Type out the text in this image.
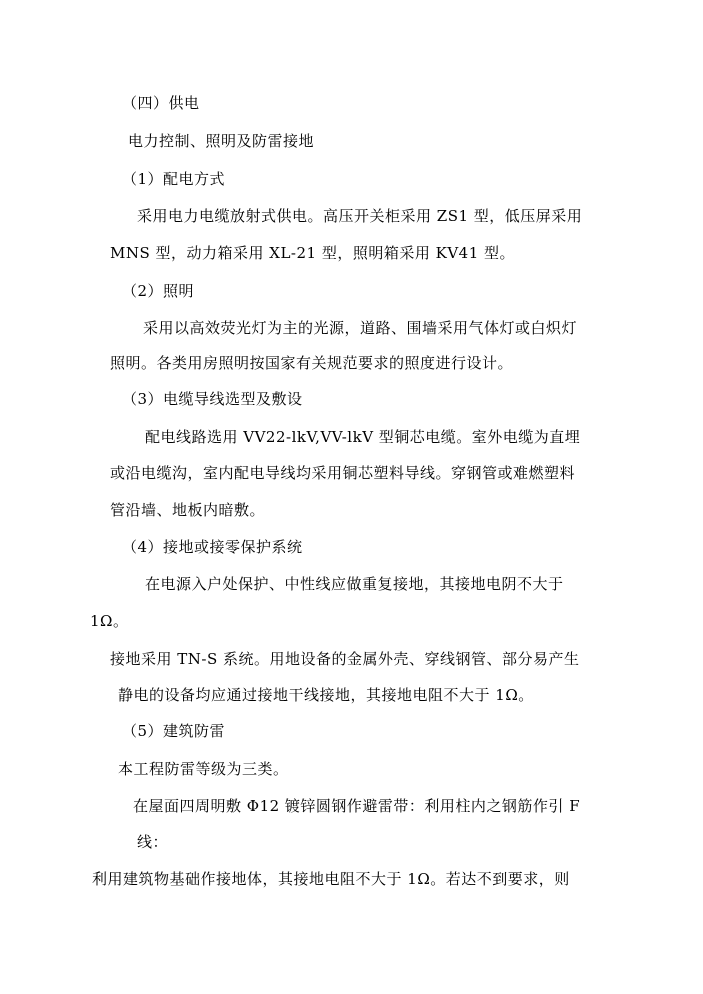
（四）供电
电力控制、照明及防雷接地
（1）配电方式
采用电力电缆放射式供电。高压开关柜采用 ZS1 型，低压屏采用
MNS 型，动力箱采用 XL-21 型，照明箱采用 KV41 型。
（2）照明
采用以高效荧光灯为主的光源，道路、围墙采用气体灯或白炽灯
照明。各类用房照明按国家有关规范要求的照度进行设计。
（3）电缆导线选型及敷设
配电线路选用 VV22-lkV,VV-lkV 型铜芯电缆。室外电缆为直埋
或沿电缆沟，室内配电导线均采用铜芯塑料导线。穿钢管或难燃塑料
管沿墙、地板内暗敷。
（4）接地或接零保护系统
在电源入户处保护、中性线应做重复接地，其接地电阴不大于
1Ω。
接地采用 TN-S 系统。用地设备的金属外壳、穿线钢管、部分易产生
静电的设备均应通过接地干线接地，其接地电阻不大于 1Ω。
（5）建筑防雷
本工程防雷等级为三类。
在屋面四周明敷 Φ12 镀锌圆钢作避雷带：利用柱内之钢筋作引 F
线：
利用建筑物基础作接地体，其接地电阻不大于 1Ω。若达不到要求，则
